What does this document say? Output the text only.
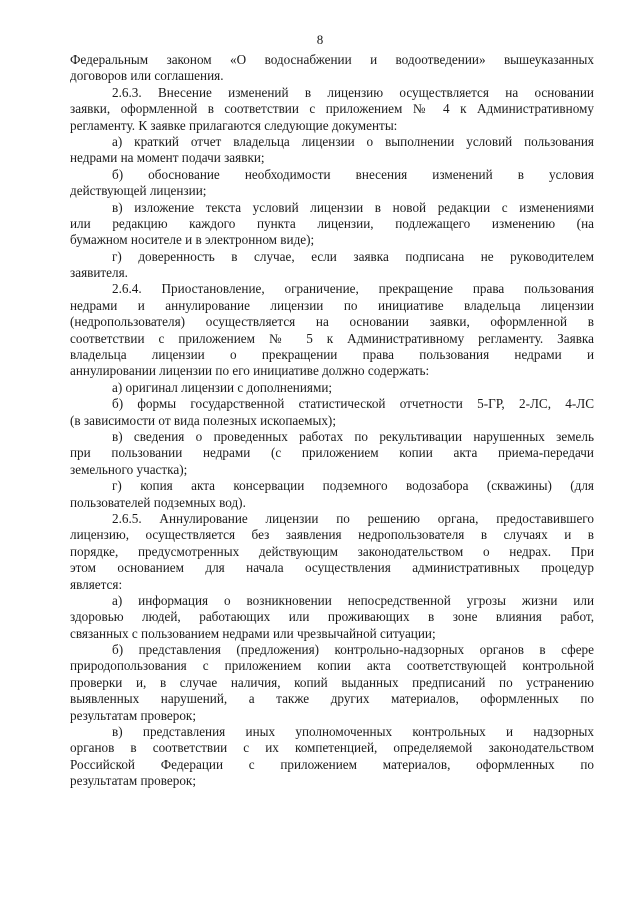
8
Федеральным законом «О водоснабжении и водоотведении» вышеуказанных
договоров или соглашения.
2.6.3. Внесение изменений в лицензию осуществляется на основании
заявки, оформленной в соответствии с приложением № 4 к Административному
регламенту. К заявке прилагаются следующие документы:
а) краткий отчет владельца лицензии о выполнении условий пользования
недрами на момент подачи заявки;
б) обоснование необходимости внесения изменений в условия
действующей лицензии;
в) изложение текста условий лицензии в новой редакции с изменениями
или редакцию каждого пункта лицензии, подлежащего изменению (на
бумажном носителе и в электронном виде);
г) доверенность в случае, если заявка подписана не руководителем
заявителя.
2.6.4. Приостановление, ограничение, прекращение права пользования
недрами и аннулирование лицензии по инициативе владельца лицензии
(недропользователя) осуществляется на основании заявки, оформленной в
соответствии с приложением № 5 к Административному регламенту. Заявка
владельца лицензии о прекращении права пользования недрами и
аннулировании лицензии по его инициативе должно содержать:
а) оригинал лицензии с дополнениями;
б) формы государственной статистической отчетности 5-ГР, 2-ЛС, 4-ЛС
(в зависимости от вида полезных ископаемых);
в) сведения о проведенных работах по рекультивации нарушенных земель
при пользовании недрами (с приложением копии акта приема-передачи
земельного участка);
г) копия акта консервации подземного водозабора (скважины) (для
пользователей подземных вод).
2.6.5. Аннулирование лицензии по решению органа, предоставившего
лицензию, осуществляется без заявления недропользователя в случаях и в
порядке, предусмотренных действующим законодательством о недрах. При
этом основанием для начала осуществления административных процедур
является:
а) информация о возникновении непосредственной угрозы жизни или
здоровью людей, работающих или проживающих в зоне влияния работ,
связанных с пользованием недрами или чрезвычайной ситуации;
б) представления (предложения) контрольно-надзорных органов в сфере
природопользования с приложением копии акта соответствующей контрольной
проверки и, в случае наличия, копий выданных предписаний по устранению
выявленных нарушений, а также других материалов, оформленных по
результатам проверок;
в) представления иных уполномоченных контрольных и надзорных
органов в соответствии с их компетенцией, определяемой законодательством
Российской Федерации с приложением материалов, оформленных по
результатам проверок;
